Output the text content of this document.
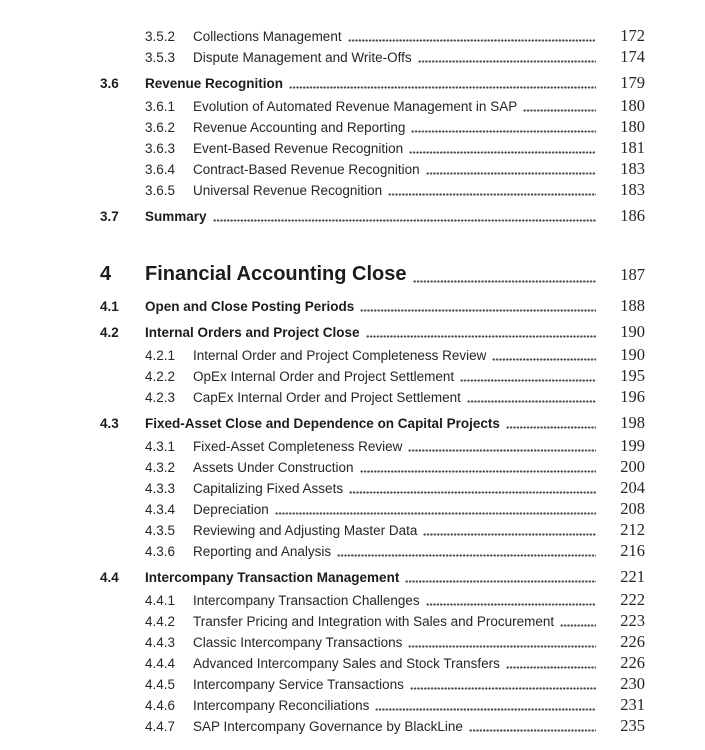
3.5.2	Collections Management	172
3.5.3	Dispute Management and Write-Offs	174
3.6	Revenue Recognition	179
3.6.1	Evolution of Automated Revenue Management in SAP	180
3.6.2	Revenue Accounting and Reporting	180
3.6.3	Event-Based Revenue Recognition	181
3.6.4	Contract-Based Revenue Recognition	183
3.6.5	Universal Revenue Recognition	183
3.7	Summary	186
4	Financial Accounting Close	187
4.1	Open and Close Posting Periods	188
4.2	Internal Orders and Project Close	190
4.2.1	Internal Order and Project Completeness Review	190
4.2.2	OpEx Internal Order and Project Settlement	195
4.2.3	CapEx Internal Order and Project Settlement	196
4.3	Fixed-Asset Close and Dependence on Capital Projects	198
4.3.1	Fixed-Asset Completeness Review	199
4.3.2	Assets Under Construction	200
4.3.3	Capitalizing Fixed Assets	204
4.3.4	Depreciation	208
4.3.5	Reviewing and Adjusting Master Data	212
4.3.6	Reporting and Analysis	216
4.4	Intercompany Transaction Management	221
4.4.1	Intercompany Transaction Challenges	222
4.4.2	Transfer Pricing and Integration with Sales and Procurement	223
4.4.3	Classic Intercompany Transactions	226
4.4.4	Advanced Intercompany Sales and Stock Transfers	226
4.4.5	Intercompany Service Transactions	230
4.4.6	Intercompany Reconciliations	231
4.4.7	SAP Intercompany Governance by BlackLine	235
